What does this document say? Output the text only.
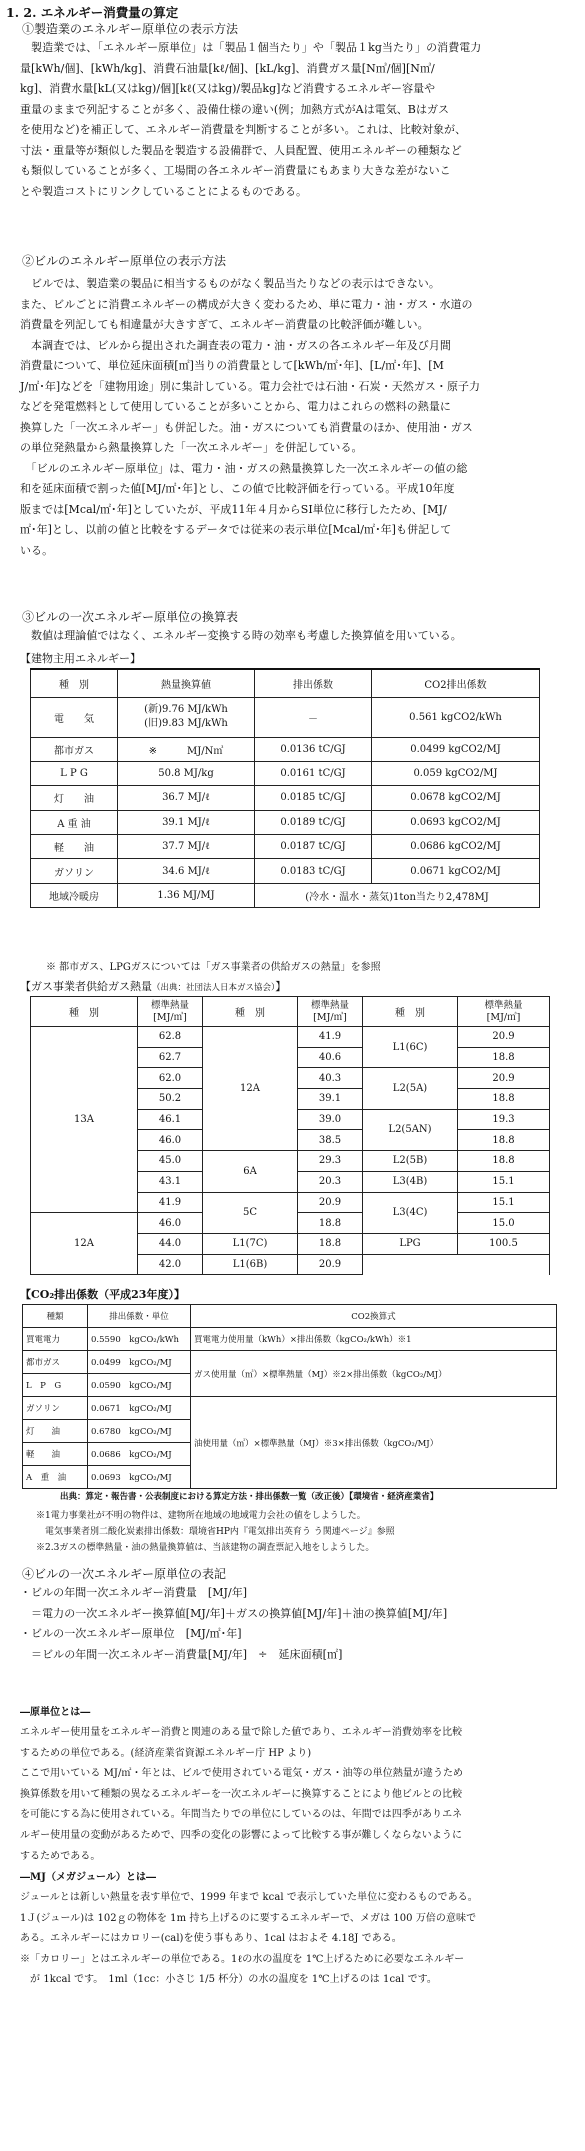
1. 2. エネルギー消費量の算定
①製造業のエネルギー原単位の表示方法
　製造業では、「エネルギー原単位」は「製品１個当たり」や「製品１kg当たり」の消費電力
量[kWh/個]、[kWh/kg]、消費石油量[kℓ/個]、[kL/kg]、消費ガス量[N㎥/個][N㎥/
kg]、消費水量[kL(又はkg)/個][kℓ(又はkg)/製品kg]など消費するエネルギー容量や
重量のままで列記することが多く、設備仕様の違い(例；加熱方式がAは電気、Bはガス
を使用など)を補正して、エネルギー消費量を判断することが多い。これは、比較対象が、
寸法・重量等が類似した製品を製造する設備群で、人員配置、使用エネルギーの種類など
も類似していることが多く、工場間の各エネルギー消費量にもあまり大きな差がないこ
とや製造コストにリンクしていることによるものである。
②ビルのエネルギー原単位の表示方法
　ビルでは、製造業の製品に相当するものがなく製品当たりなどの表示はできない。
また、ビルごとに消費エネルギーの構成が大きく変わるため、単に電力・油・ガス・水道の
消費量を列記しても相違量が大きすぎて、エネルギー消費量の比較評価が難しい。
　本調査では、ビルから提出された調査表の電力・油・ガスの各エネルギー年及び月間
消費量について、単位延床面積[㎡]当りの消費量として[kWh/㎡･年]、[L/㎡･年]、[M
J/㎡･年]などを「建物用途」別に集計している。電力会社では石油・石炭・天然ガス・原子力
などを発電燃料として使用していることが多いことから、電力はこれらの燃料の熱量に
換算した「一次エネルギー」も併記した。油・ガスについても消費量のほか、使用油・ガス
の単位発熱量から熱量換算した「一次エネルギー」を併記している。
　「ビルのエネルギー原単位」は、電力・油・ガスの熱量換算した一次エネルギーの値の総
和を延床面積で割った値[MJ/㎡･年]とし、この値で比較評価を行っている。平成10年度
版までは[Mcal/㎡･年]としていたが、平成11年４月からSI単位に移行したため、[MJ/
㎡･年]とし、以前の値と比較をするデータでは従来の表示単位[Mcal/㎡･年]も併記して
いる。
③ビルの一次エネルギー原単位の換算表
　数値は理論値ではなく、エネルギー変換する時の効率も考慮した換算値を用いている。
【建物主用エネルギー】
種　別	熱量換算値	排出係数	CO2排出係数
電　　気	(新)9.76 MJ/kWh
(旧)9.83 MJ/kWh	－	0.561 kgCO2/kWh
都市ガス	※　　　MJ/N㎥	0.0136 tC/GJ	0.0499 kgCO2/MJ
L P G	50.8 MJ/kg	0.0161 tC/GJ	0.059 kgCO2/MJ
灯　　油	36.7 MJ/ℓ	0.0185 tC/GJ	0.0678 kgCO2/MJ
A 重 油	39.1 MJ/ℓ	0.0189 tC/GJ	0.0693 kgCO2/MJ
軽　　油	37.7 MJ/ℓ	0.0187 tC/GJ	0.0686 kgCO2/MJ
ガソリン	34.6 MJ/ℓ	0.0183 tC/GJ	0.0671 kgCO2/MJ
地域冷暖房	1.36 MJ/MJ	(冷水・温水・蒸気)1ton当たり2,478MJ	
※ 都市ガス、LPGガスについては「ガス事業者の供給ガスの熱量」を参照
【ガス事業者供給ガス熱量（出典：社団法人日本ガス協会）】
種　別	標準熱量
[MJ/㎥]	種　別	標準熱量
[MJ/㎥]	種　別	標準熱量
[MJ/㎥]
13A	62.8	12A	41.9	L1(6C)	20.9
	62.7		40.6		18.8
	62.0		40.3	L2(5A)	20.9
	50.2		39.1		18.8
	46.1		39.0	L2(5AN)	19.3
	46.0		38.5		18.8
	45.0	6A	29.3	L2(5B)	18.8
	43.1		20.3	L3(4B)	15.1
	41.9	5C	20.9	L3(4C)	15.1
12A	46.0		18.8		15.0
	44.0	L1(7C)	18.8	LPG	100.5
	42.0	L1(6B)	20.9		
【CO₂排出係数（平成23年度）】
種類	排出係数・単位	CO2換算式
買電電力	0.5590　kgCO₂/kWh	買電電力使用量（kWh）×排出係数（kgCO₂/kWh）※1
都市ガス	0.0499　kgCO₂/MJ	ガス使用量（㎥）×標準熱量（MJ）※2×排出係数（kgCO₂/MJ）
L　P　G	0.0590　kgCO₂/MJ	
ガソリン	0.0671　kgCO₂/MJ	油使用量（㎥）×標準熱量（MJ）※3×排出係数（kgCO₂/MJ）
灯　　油	0.6780　kgCO₂/MJ	
軽　　油	0.0686　kgCO₂/MJ	
A　重　油	0.0693　kgCO₂/MJ	
出典：算定・報告書・公表制度における算定方法・排出係数一覧（改正後）【環境省・経済産業省】
※1電力事業社が不明の物件は、建物所在地域の地域電力会社の値をしようした。
　電気事業者別二酸化炭素排出係数：環境省HP内『電気排出英育う う関連ページ』参照
※2.3ガスの標準熱量・油の熱量換算値は、当該建物の調査票記入地をしようした。
④ビルの一次エネルギー原単位の表記
・ビルの年間一次エネルギー消費量　[MJ/年]
　＝電力の一次エネルギー換算値[MJ/年]＋ガスの換算値[MJ/年]＋油の換算値[MJ/年]
・ビルの一次エネルギー原単位　[MJ/㎡･年]
　＝ビルの年間一次エネルギー消費量[MJ/年]　÷　延床面積[㎡]
―原単位とは―
エネルギー使用量をエネルギー消費と関連のある量で除した値であり、エネルギー消費効率を比較
するための単位である。(経済産業省資源エネルギー庁 HP より)
ここで用いている MJ/㎡・年とは、ビルで使用されている電気・ガス・油等の単位熱量が違うため
換算係数を用いて種類の異なるエネルギーを一次エネルギーに換算することにより他ビルとの比較
を可能にする為に使用されている。年間当たりでの単位にしているのは、年間では四季がありエネ
ルギー使用量の変動があるためで、四季の変化の影響によって比較する事が難しくならないように
するためである。
―MJ（メガジュール）とは―
ジュールとは新しい熱量を表す単位で、1999 年まで kcal で表示していた単位に変わるものである。
1Ｊ(ジュール)は 102ｇの物体を 1m 持ち上げるのに要するエネルギーで、メガは 100 万倍の意味で
ある。エネルギーにはカロリー(cal)を使う事もあり、1cal はおよそ 4.18J である。
※「カロリー」とはエネルギーの単位である。1ℓの水の温度を 1℃上げるために必要なエネルギー
　が 1kcal です。　1ml（1cc：小さじ 1/5 杯分）の水の温度を 1℃上げるのは 1cal です。
